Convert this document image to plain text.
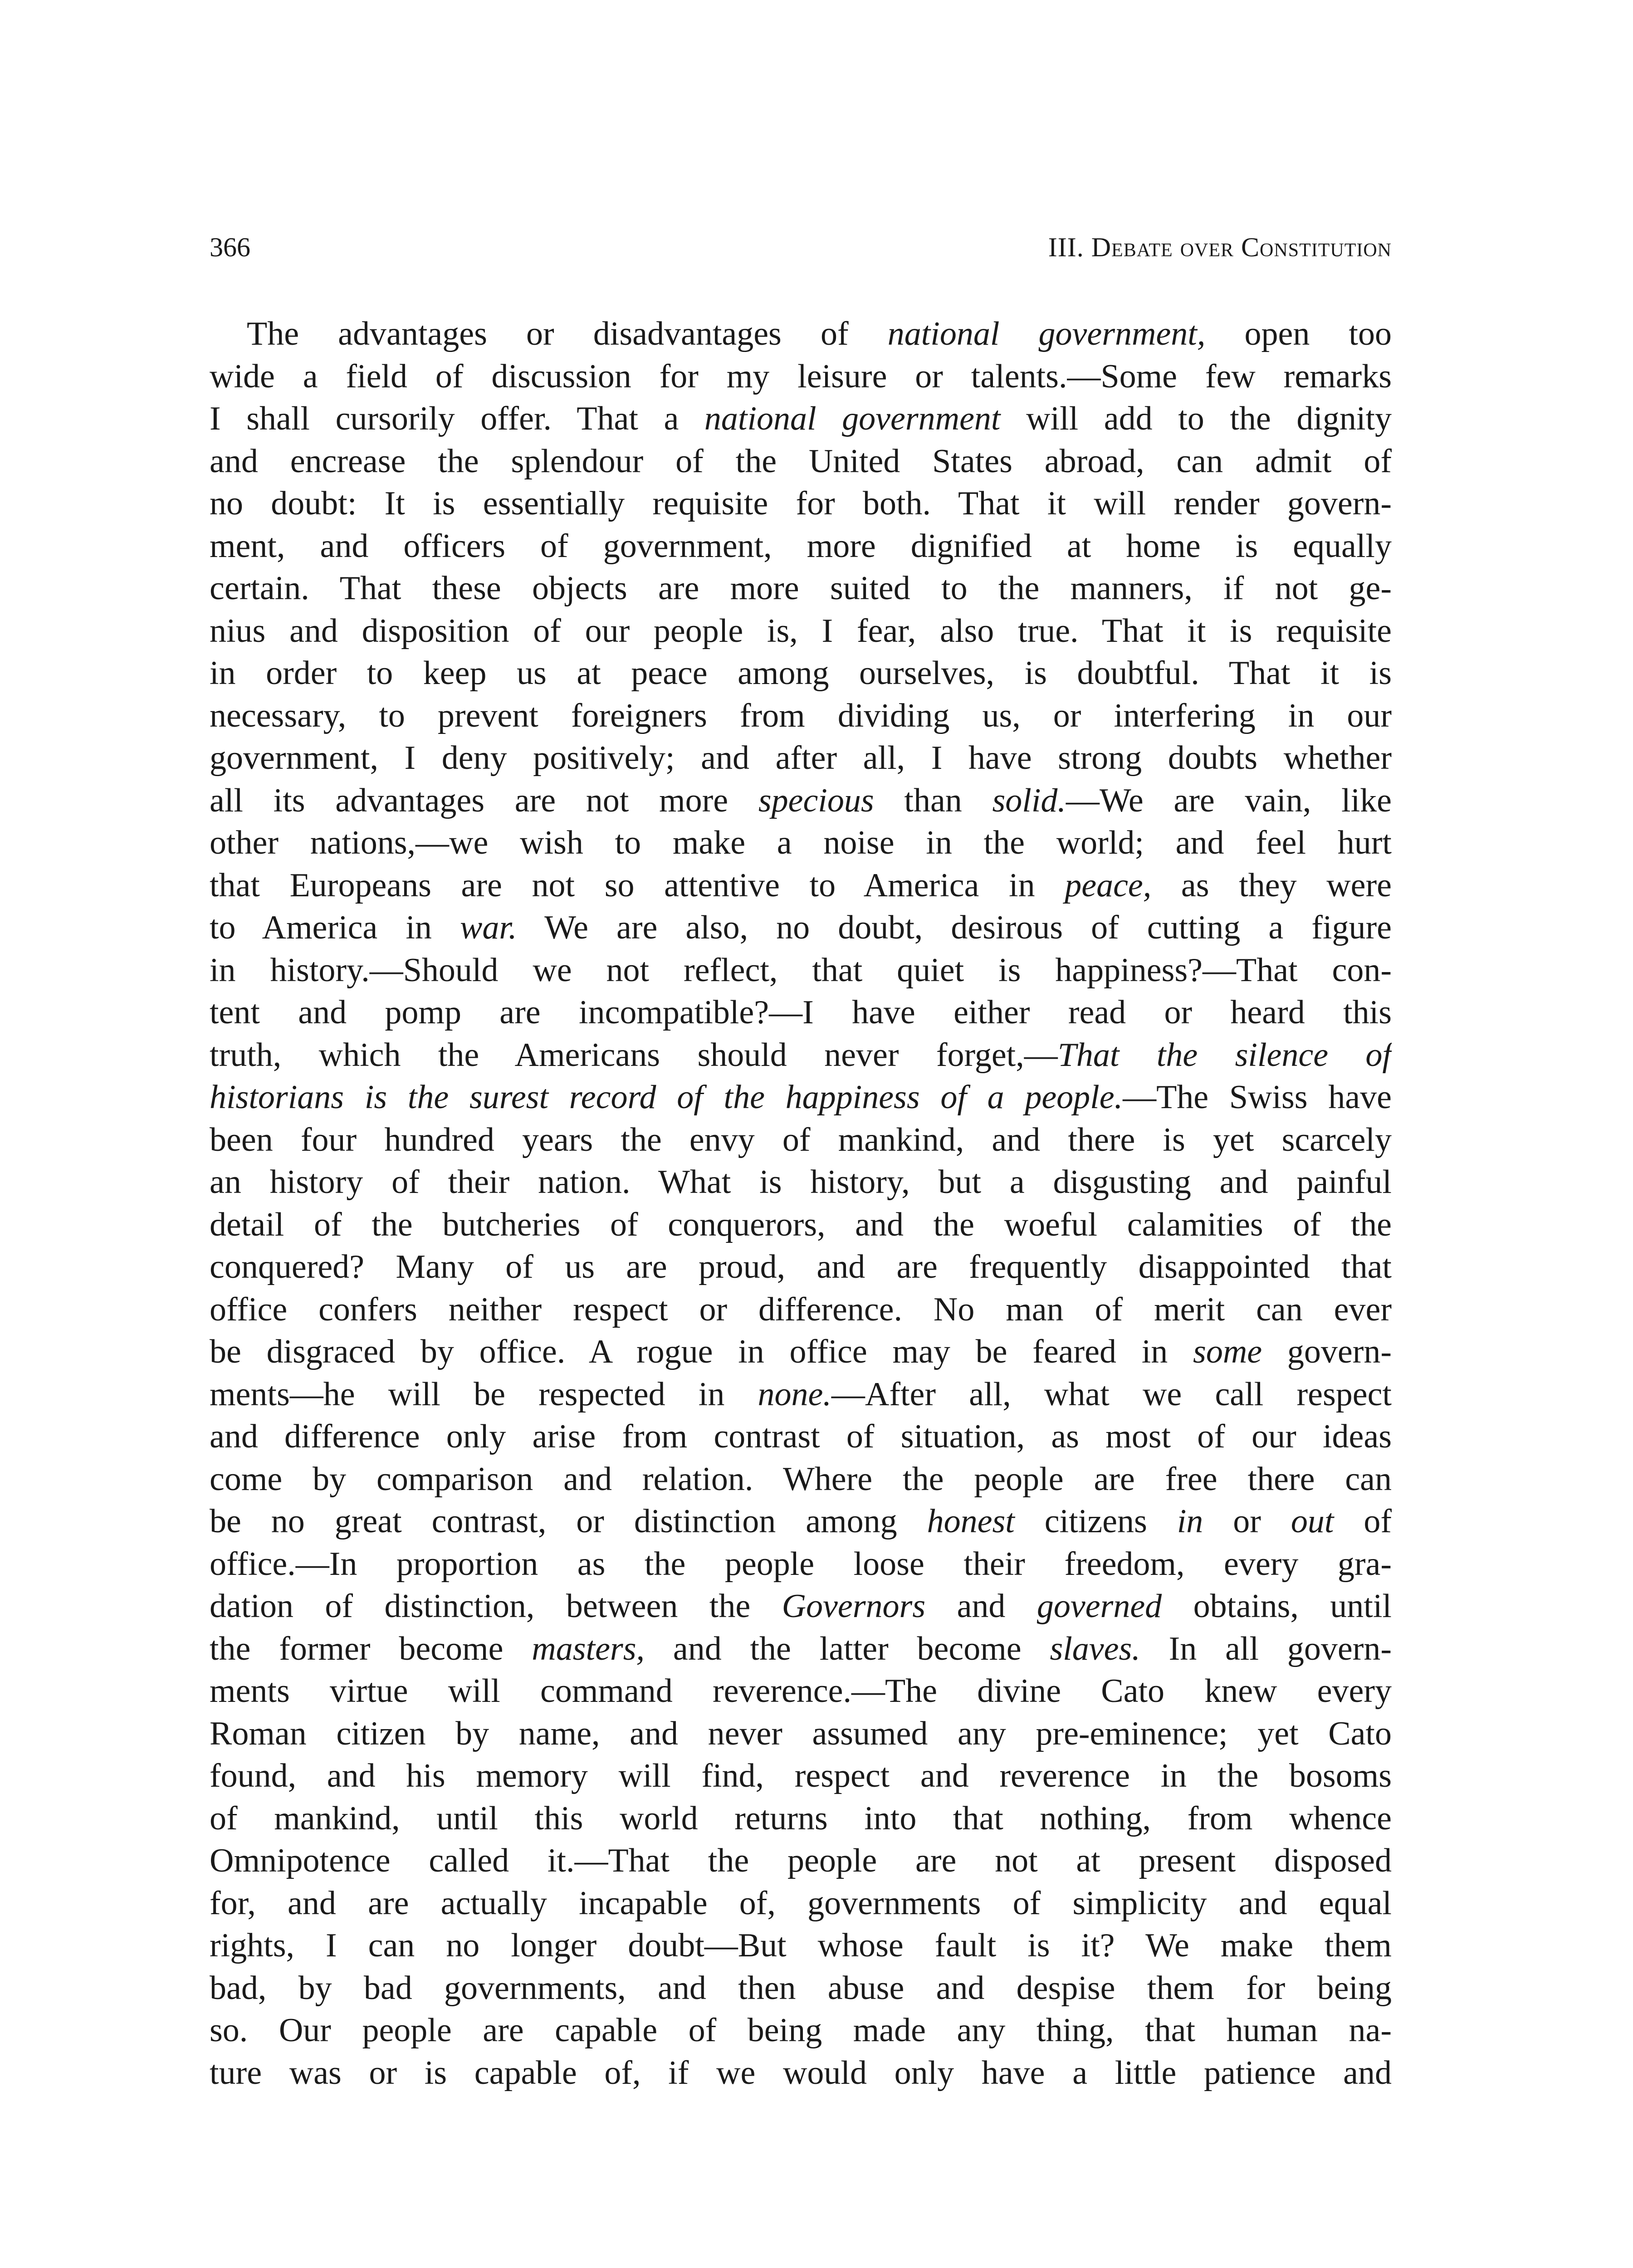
366	III. Debate over Constitution
The advantages or disadvantages of national government, open too
wide a field of discussion for my leisure or talents.—Some few remarks
I shall cursorily offer. That a national government will add to the dignity
and encrease the splendour of the United States abroad, can admit of
no doubt: It is essentially requisite for both. That it will render govern-
ment, and officers of government, more dignified at home is equally
certain. That these objects are more suited to the manners, if not ge-
nius and disposition of our people is, I fear, also true. That it is requisite
in order to keep us at peace among ourselves, is doubtful. That it is
necessary, to prevent foreigners from dividing us, or interfering in our
government, I deny positively; and after all, I have strong doubts whether
all its advantages are not more specious than solid.—We are vain, like
other nations,—we wish to make a noise in the world; and feel hurt
that Europeans are not so attentive to America in peace, as they were
to America in war. We are also, no doubt, desirous of cutting a figure
in history.—Should we not reflect, that quiet is happiness?—That con-
tent and pomp are incompatible?—I have either read or heard this
truth, which the Americans should never forget,—That the silence of
historians is the surest record of the happiness of a people.—The Swiss have
been four hundred years the envy of mankind, and there is yet scarcely
an history of their nation. What is history, but a disgusting and painful
detail of the butcheries of conquerors, and the woeful calamities of the
conquered? Many of us are proud, and are frequently disappointed that
office confers neither respect or difference. No man of merit can ever
be disgraced by office. A rogue in office may be feared in some govern-
ments—he will be respected in none.—After all, what we call respect
and difference only arise from contrast of situation, as most of our ideas
come by comparison and relation. Where the people are free there can
be no great contrast, or distinction among honest citizens in or out of
office.—In proportion as the people loose their freedom, every gra-
dation of distinction, between the Governors and governed obtains, until
the former become masters, and the latter become slaves. In all govern-
ments virtue will command reverence.—The divine Cato knew every
Roman citizen by name, and never assumed any pre-eminence; yet Cato
found, and his memory will find, respect and reverence in the bosoms
of mankind, until this world returns into that nothing, from whence
Omnipotence called it.—That the people are not at present disposed
for, and are actually incapable of, governments of simplicity and equal
rights, I can no longer doubt—But whose fault is it? We make them
bad, by bad governments, and then abuse and despise them for being
so. Our people are capable of being made any thing, that human na-
ture was or is capable of, if we would only have a little patience and
